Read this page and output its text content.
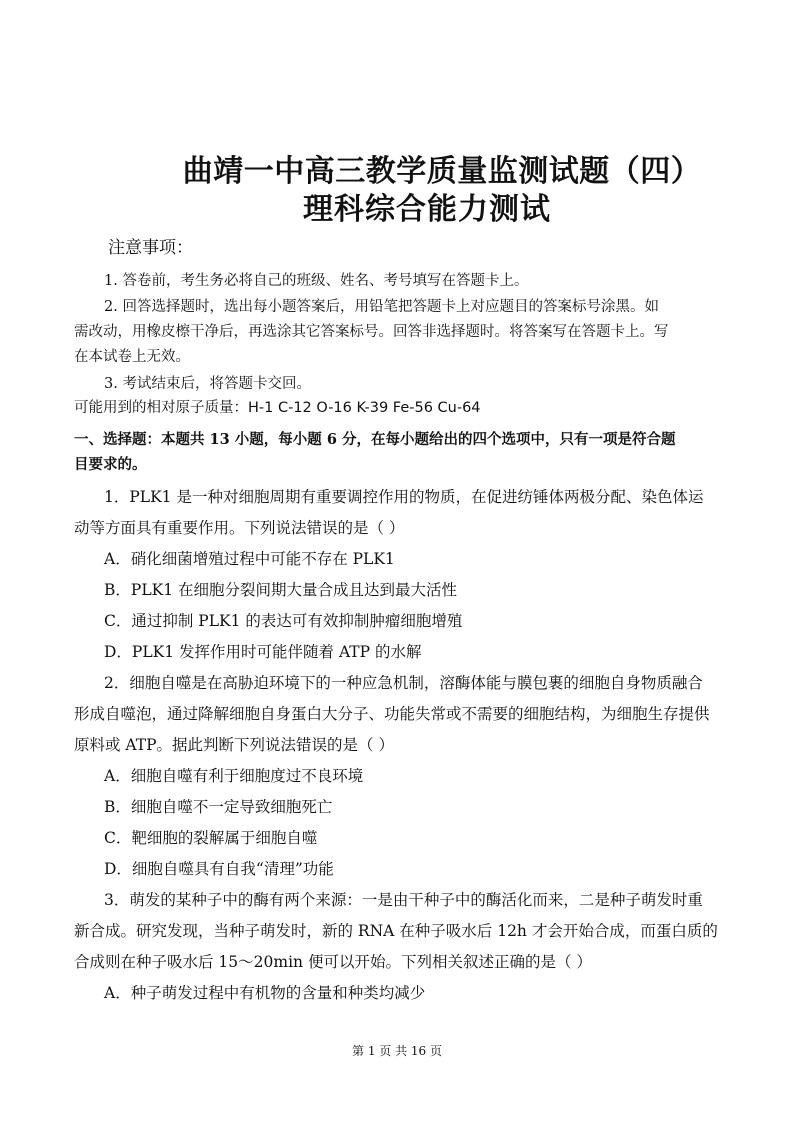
曲靖一中高三教学质量监测试题（四）
理科综合能力测试
注意事项：
1. 答卷前，考生务必将自己的班级、姓名、考号填写在答题卡上。
2. 回答选择题时，选出每小题答案后，用铅笔把答题卡上对应题目的答案标号涂黑。如
需改动，用橡皮檫干净后，再选涂其它答案标号。回答非选择题时。将答案写在答题卡上。写
在本试卷上无效。
3. 考试结束后，将答题卡交回。
可能用到的相对原子质量：H-1 C-12 O-16 K-39 Fe-56 Cu-64
一、选择题：本题共 13 小题，每小题 6 分，在每小题给出的四个选项中，只有一项是符合题
目要求的。
1．PLK1 是一种对细胞周期有重要调控作用的物质，在促进纺锤体两极分配、染色体运
动等方面具有重要作用。下列说法错误的是（ ）
A．硝化细菌增殖过程中可能不存在 PLK1
B．PLK1 在细胞分裂间期大量合成且达到最大活性
C．通过抑制 PLK1 的表达可有效抑制肿瘤细胞增殖
D．PLK1 发挥作用时可能伴随着 ATP 的水解
2．细胞自噬是在高胁迫环境下的一种应急机制，溶酶体能与膜包裹的细胞自身物质融合
形成自噬泡，通过降解细胞自身蛋白大分子、功能失常或不需要的细胞结构，为细胞生存提供
原料或 ATP。据此判断下列说法错误的是（ ）
A．细胞自噬有利于细胞度过不良环境
B．细胞自噬不一定导致细胞死亡
C．靶细胞的裂解属于细胞自噬
D．细胞自噬具有自我“清理”功能
3．萌发的某种子中的酶有两个来源：一是由干种子中的酶活化而来，二是种子萌发时重
新合成。研究发现，当种子萌发时，新的 RNA 在种子吸水后 12h 才会开始合成，而蛋白质的
合成则在种子吸水后 15～20min 便可以开始。下列相关叙述正确的是（ ）
A．种子萌发过程中有机物的含量和种类均减少
第 1 页 共 16 页
